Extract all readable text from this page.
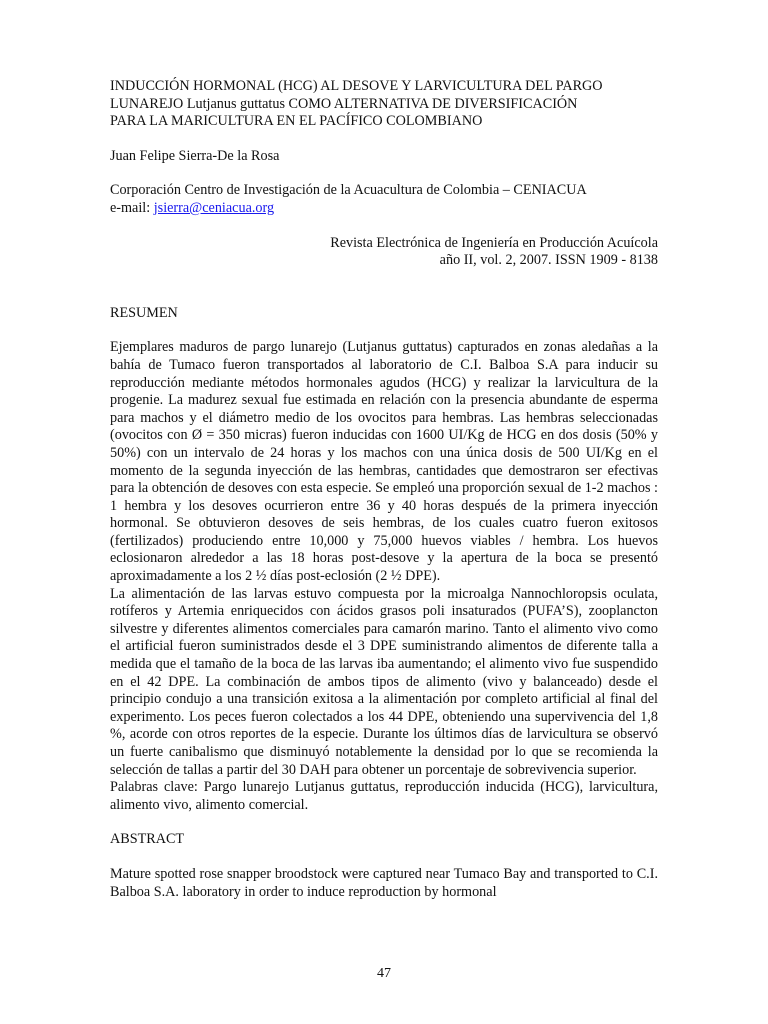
INDUCCIÓN HORMONAL (HCG) AL DESOVE Y LARVICULTURA DEL PARGO

LUNAREJO Lutjanus guttatus COMO ALTERNATIVA DE DIVERSIFICACIÓN

PARA LA MARICULTURA EN EL PACÍFICO COLOMBIANO

Juan Felipe Sierra-De la Rosa

Corporación Centro de Investigación de la Acuacultura de Colombia – CENIACUA

e-mail: jsierra@ceniacua.org

Revista Electrónica de Ingeniería en Producción Acuícola

año II, vol. 2, 2007. ISSN 1909 - 8138

RESUMEN

Ejemplares maduros de pargo lunarejo (Lutjanus guttatus) capturados en zonas aledañas a la bahía de Tumaco fueron transportados al laboratorio de C.I. Balboa S.A para inducir su reproducción mediante métodos hormonales agudos (HCG) y realizar la larvicultura de la progenie. La madurez sexual fue estimada en relación con la presencia abundante de esperma para machos y el diámetro medio de los ovocitos para hembras. Las hembras seleccionadas (ovocitos con Ø = 350 micras) fueron inducidas con 1600 UI/Kg de HCG en dos dosis (50% y 50%) con un intervalo de 24 horas y los machos con una única dosis de 500 UI/Kg en el momento de la segunda inyección de las hembras, cantidades que demostraron ser efectivas para la obtención de desoves con esta especie. Se empleó una proporción sexual de 1-2 machos : 1 hembra y los desoves ocurrieron entre 36 y 40 horas después de la primera inyección hormonal. Se obtuvieron desoves de seis hembras, de los cuales cuatro fueron exitosos (fertilizados) produciendo entre 10,000 y 75,000 huevos viables / hembra. Los huevos eclosionaron alrededor a las 18 horas post-desove y la apertura de la boca se presentó aproximadamente a los 2 ½ días post-eclosión (2 ½ DPE).

La alimentación de las larvas estuvo compuesta por la microalga Nannochloropsis oculata, rotíferos y Artemia enriquecidos con ácidos grasos poli insaturados (PUFA’S), zooplancton silvestre y diferentes alimentos comerciales para camarón marino. Tanto el alimento vivo como el artificial fueron suministrados desde el 3 DPE suministrando alimentos de diferente talla a medida que el tamaño de la boca de las larvas iba aumentando; el alimento vivo fue suspendido en el 42 DPE. La combinación de ambos tipos de alimento (vivo y balanceado) desde el principio condujo a una transición exitosa a la alimentación por completo artificial al final del experimento. Los peces fueron colectados a los 44 DPE, obteniendo una supervivencia del 1,8 %, acorde con otros reportes de la especie. Durante los últimos días de larvicultura se observó un fuerte canibalismo que disminuyó notablemente la densidad por lo que se recomienda la selección de tallas a partir del 30 DAH para obtener un porcentaje de sobrevivencia superior.

Palabras clave: Pargo lunarejo Lutjanus guttatus, reproducción inducida (HCG), larvicultura, alimento vivo, alimento comercial.

ABSTRACT

Mature spotted rose snapper broodstock were captured near Tumaco Bay and transported to C.I. Balboa S.A. laboratory in order to induce reproduction by hormonal

47
